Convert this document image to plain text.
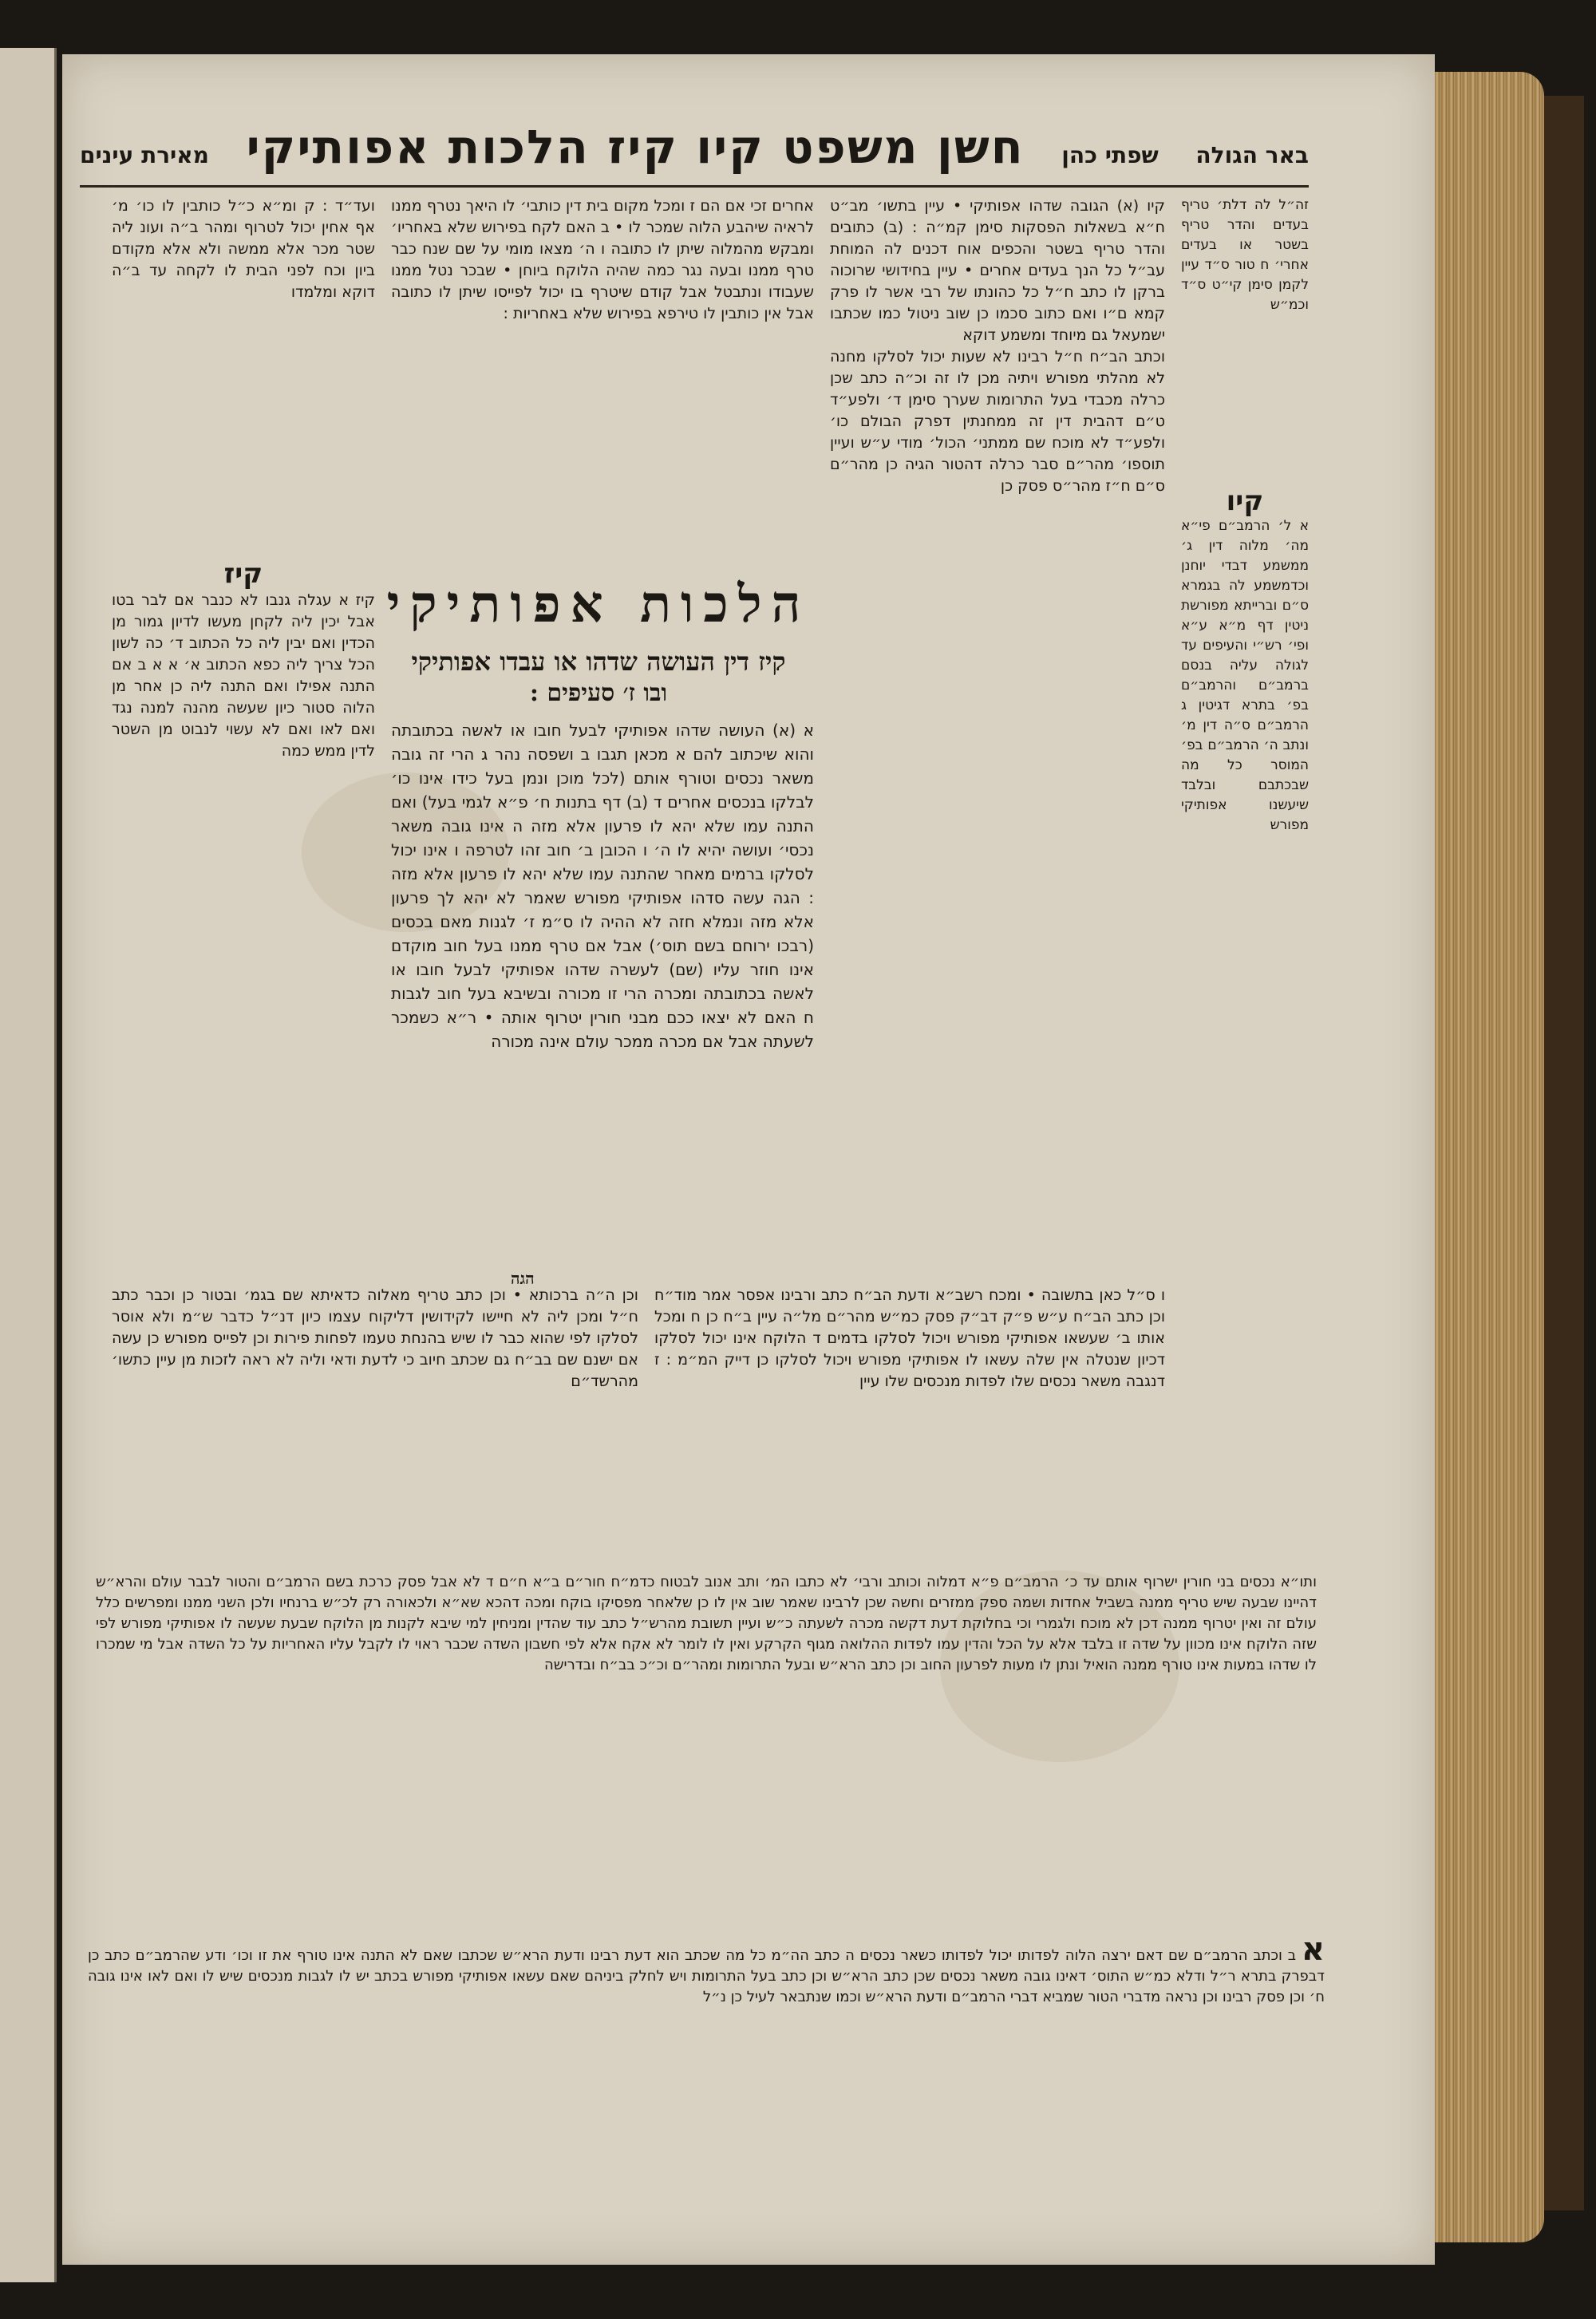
מאירת עינים חשן משפט קיו קיז הלכות אפותיקי שפתי כהן באר הגולה
זה״ל לה דלת׳ טריף בעדים והדר טריף בשטר או בעדים אחרי׳ ח טור ס״ד עיין לקמן סימן קי״ט ס״ד וכמ״ש
קיו
א ל׳ הרמב״ם פי״א מה׳ מלוה דין ג׳ ממשמע דבדי יוחנן וכדמשמע לה בגמרא ס״ם וברייתא מפורשת ניטין דף מ״א ע״א ופי׳ רש״י והעיפים עד לגולה עליה בנסם ברמב״ם והרמב״ם בפ׳ בתרא דגיטין ג הרמב״ם ס״ה דין מ׳ ונתב ה׳ הרמב״ם בפ׳ המוסר כל מה שבכתבם ובלבד שיעשנו אפותיקי מפורש
קיו (א) הגובה שדהו אפותיקי • עיין בתשו׳ מב״ט ח״א בשאלות הפסקות סימן קמ״ה : (ב) כתובים והדר טריף בשטר והכפים אוח דכנים לה המוחת עב״ל כל הנך בעדים אחרים • עיין בחידושי שרוכוה ברקן לו כתב ח״ל כל כהונתו של רבי אשר לו פרק קמא ם״ו ואם כתוב סכמו כן שוב ניטול כמו שכתבו ישמעאל גם מיוחד ומשמע דוקא
וכתב הב״ח ח״ל רבינו לא שעות יכול לסלקו מחנה לא מהלתי מפורש ויתיה מכן לו זה וכ״ה כתב שכן כרלה מכבדי בעל התרומות שערך סימן ד׳ ולפע״ד ט״ם דהבית דין זה ממחנתין דפרק הבולם כו׳ ולפע״ד לא מוכח שם ממתני׳ הכול׳ מודי ע״ש ועיין תוספו׳ מהר״ם סבר כרלה דהטור הגיה כן מהר״ם ס״ם ח״ז מהר״ס פסק כן
אחרים זכי אם הם ז ומכל מקום בית דין כותבי׳ לו היאך נטרף ממנו לראיה שיהבע הלוה שמכר לו • ב האם לקח בפירוש שלא באחריו׳ ומבקש מהמלוה שיתן לו כתובה ו ה׳ מצאו מומי על שם שנח כבר טרף ממנו ובעה נגר כמה שהיה הלוקח ביוחן • שבכר נטל ממנו שעבודו ונתבטל אבל קודם שיטרף בו יכול לפייסו שיתן לו כתובה אבל אין כותבין לו טירפא בפירוש שלא באחריות :
הלכות אפותיקי
קיז דין העושה שדהו או עבדו אפותיקי
ובו ז׳ סעיפים :
א (א) העושה שדהו אפותיקי לבעל חובו או לאשה בכתובתה והוא שיכתוב להם א מכאן תגבו ב ושפסה נהר ג הרי זה גובה משאר נכסים וטורף אותם (לכל מוכן ונמן בעל כידו אינו כו׳ לבלקו בנכסים אחרים ד (ב) דף בתנות ח׳ פ״א לגמי בעל) ואם התנה עמו שלא יהא לו פרעון אלא מזה ה אינו גובה משאר נכסי׳ ועושה יהיא לו ה׳ ו הכובן ב׳ חוב זהו לטרפה ו אינו יכול לסלקו ברמים מאחר שהתנה עמו שלא יהא לו פרעון אלא מזה : הגה עשה סדהו אפותיקי מפורש שאמר לא יהא לך פרעון אלא מזה ונמלא חזה לא ההיה לו ס״מ ז׳ לגנות מאם בכסים (רבכו ירוחם בשם תוס׳) אבל אם טרף ממנו בעל חוב מוקדם אינו חוזר עליו (שם) לעשרה שדהו אפותיקי לבעל חובו או לאשה בכתובתה ומכרה הרי זו מכורה ובשיבא בעל חוב לגבות ח האם לא יצאו ככם מבני חורין יטרוף אותה • ר״א כשמכר לשעתה אבל אם מכרה ממכר עולם אינה מכורה
הגה
ועד״ד : ק ומ״א כ״ל כותבין לו כו׳ מ׳ אף אחין יכול לטרוף ומהר ב״ה ועונ ליה שטר מכר אלא ממשה ולא אלא מקודם ביון וכח לפני הבית לו לקחה עד ב״ה דוקא ומלמדו
קיז
קיז א עגלה גנבו לא כנבר אם לבר בטו אבל יכין ליה לקחן מעשו לדיון גמור מן הכדין ואם יבין ליה כל הכתוב ד׳ כה לשון הכל צריך ליה כפא הכתוב א׳ א א ב אם התנה אפילו ואם התנה ליה כן אחר מן הלוה סטור כיון שעשה מהנה למנה נגד ואם לאו ואם לא עשוי לנבוט מן השטר לדין ממש כמה
ו ס״ל כאן בתשובה • ומכח רשב״א ודעת הב״ח כתב ורבינו אפסר אמר מוד״ח וכן כתב הב״ח ע״ש פ״ק דב״ק פסק כמ״ש מהר״ם מל״ה עיין ב״ח כן ח ומכל אותו ב׳ שעשאו אפותיקי מפורש ויכול לסלקו בדמים ד הלוקח אינו יכול לסלקו דכיון שנטלה אין שלה עשאו לו אפותיקי מפורש ויכול לסלקו כן דייק המ״מ : ז דנגבה משאר נכסים שלו לפדות מנכסים שלו עיין
וכן ה״ה ברכותא • וכן כתב טריף מאלוה כדאיתא שם בגמ׳ ובטור כן וכבר כתב ח״ל ומכן ליה לא חיישו לקידושין דליקוח עצמו כיון דנ״ל כדבר ש״מ ולא אוסר לסלקו לפי שהוא כבר לו שיש בהנחת טעמו לפחות פירות וכן לפייס מפורש כן עשה אם ישנם שם בב״ח גם שכתב חיוב כי לדעת ודאי וליה לא ראה לזכות מן עיין כתשו׳ מהרשד״ם
ותו״א נכסים בני חורין ישרוף אותם עד כ׳ הרמב״ם פ״א דמלוה וכותב ורבי׳ לא כתבו המ׳ ותב אנוב לבטוח כדמ״ח חור״ם ב״א ח״ם ד לא אבל פסק כרכת בשם הרמב״ם והטור לבבר עולם והרא״ש דהיינו שבעה שיש טריף ממנה בשביל אחדות ושמה ספק ממזרים וחשה שכן לרבינו שאמר שוב אין לו כן שלאחר מפסיקו בוקח ומכה דהכא שא״א ולכאורה רק לכ״ש ברנחיו ולכן השני ממנו ומפרשים כלל עולם זה ואין יטרוף ממנה דכן לא מוכח ולגמרי וכי בחלוקת דעת דקשה מכרה לשעתה כ״ש ועיין תשובת מהרש״ל כתב עוד שהדין ומניחין למי שיבא לקנות מן הלוקח שבעת שעשה לו אפותיקי מפורש לפי שזה הלוקח אינו מכוון על שדה זו בלבד אלא על הכל והדין עמו לפדות ההלואה מגוף הקרקע ואין לו לומר לא אקח אלא לפי חשבון השדה שכבר ראוי לו לקבל עליו האחריות על כל השדה אבל מי שמכרו לו שדהו במעות אינו טורף ממנה הואיל ונתן לו מעות לפרעון החוב וכן כתב הרא״ש ובעל התרומות ומהר״ם וכ״כ בב״ח ובדרישה
א ב וכתב הרמב״ם שם דאם ירצה הלוה לפדותו יכול לפדותו כשאר נכסים ה כתב הה״מ כל מה שכתב הוא דעת רבינו ודעת הרא״ש שכתבו שאם לא התנה אינו טורף את זו וכו׳ ודע שהרמב״ם כתב כן דבפרק בתרא ר״ל ודלא כמ״ש התוס׳ דאינו גובה משאר נכסים שכן כתב הרא״ש וכן כתב בעל התרומות ויש לחלק ביניהם שאם עשאו אפותיקי מפורש בכתב יש לו לגבות מנכסים שיש לו ואם לאו אינו גובה ח׳ וכן פסק רבינו וכן נראה מדברי הטור שמביא דברי הרמב״ם ודעת הרא״ש וכמו שנתבאר לעיל כן נ״ל
